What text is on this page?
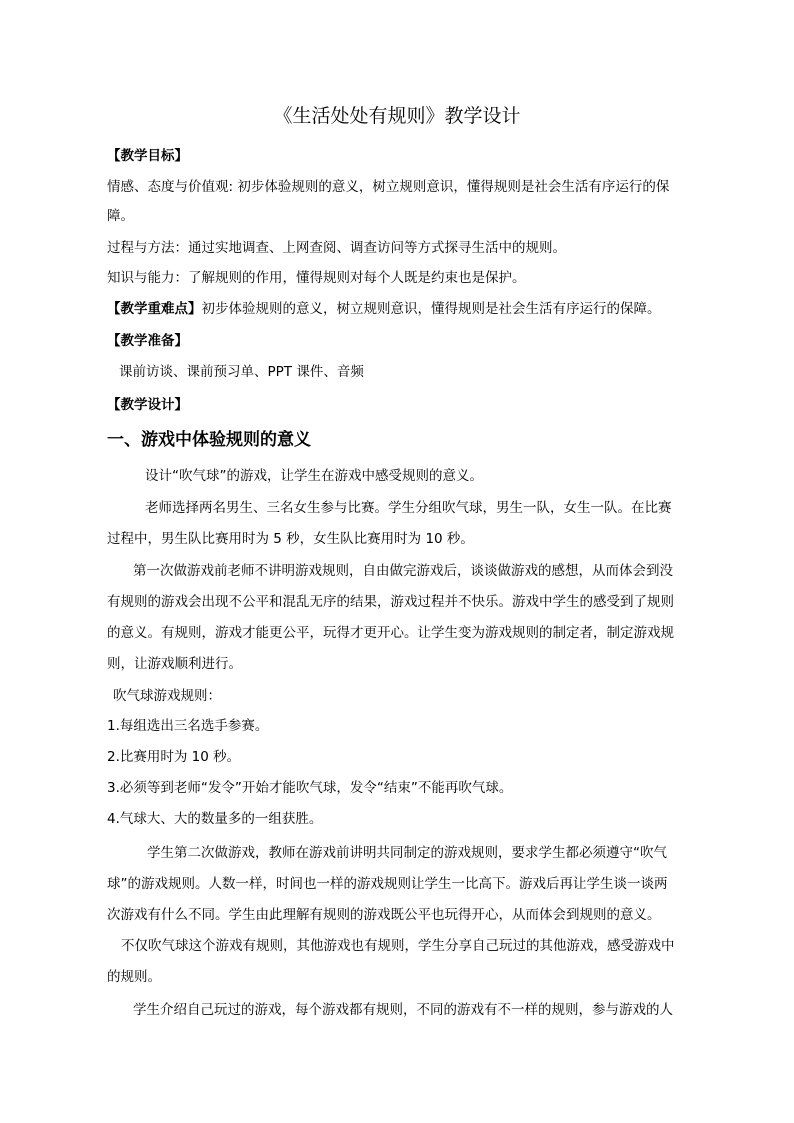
《生活处处有规则》教学设计
【教学目标】
情感、态度与价值观: 初步体验规则的意义，树立规则意识，懂得规则是社会生活有序运行的保
障。
过程与方法：通过实地调查、上网查阅、调查访问等方式探寻生活中的规则。
知识与能力：了解规则的作用，懂得规则对每个人既是约束也是保护。
【教学重难点】初步体验规则的意义，树立规则意识，懂得规则是社会生活有序运行的保障。
【教学准备】
课前访谈、课前预习单、PPT 课件、音频
【教学设计】
一、游戏中体验规则的意义
设计“吹气球”的游戏，让学生在游戏中感受规则的意义。
老师选择两名男生、三名女生参与比赛。学生分组吹气球，男生一队，女生一队。在比赛
过程中，男生队比赛用时为 5 秒，女生队比赛用时为 10 秒。
第一次做游戏前老师不讲明游戏规则，自由做完游戏后，谈谈做游戏的感想，从而体会到没
有规则的游戏会出现不公平和混乱无序的结果，游戏过程并不快乐。游戏中学生的感受到了规则
的意义。有规则，游戏才能更公平，玩得才更开心。让学生变为游戏规则的制定者，制定游戏规
则，让游戏顺利进行。
吹气球游戏规则：
1.每组选出三名选手参赛。
2.比赛用时为 10 秒。
3.必须等到老师“发令”开始才能吹气球，发令“结束”不能再吹气球。
4.气球大、大的数量多的一组获胜。
学生第二次做游戏，教师在游戏前讲明共同制定的游戏规则，要求学生都必须遵守“吹气
球”的游戏规则。人数一样，时间也一样的游戏规则让学生一比高下。游戏后再让学生谈一谈两
次游戏有什么不同。学生由此理解有规则的游戏既公平也玩得开心，从而体会到规则的意义。
不仅吹气球这个游戏有规则，其他游戏也有规则，学生分享自己玩过的其他游戏，感受游戏中
的规则。
学生介绍自己玩过的游戏，每个游戏都有规则，不同的游戏有不一样的规则，参与游戏的人
